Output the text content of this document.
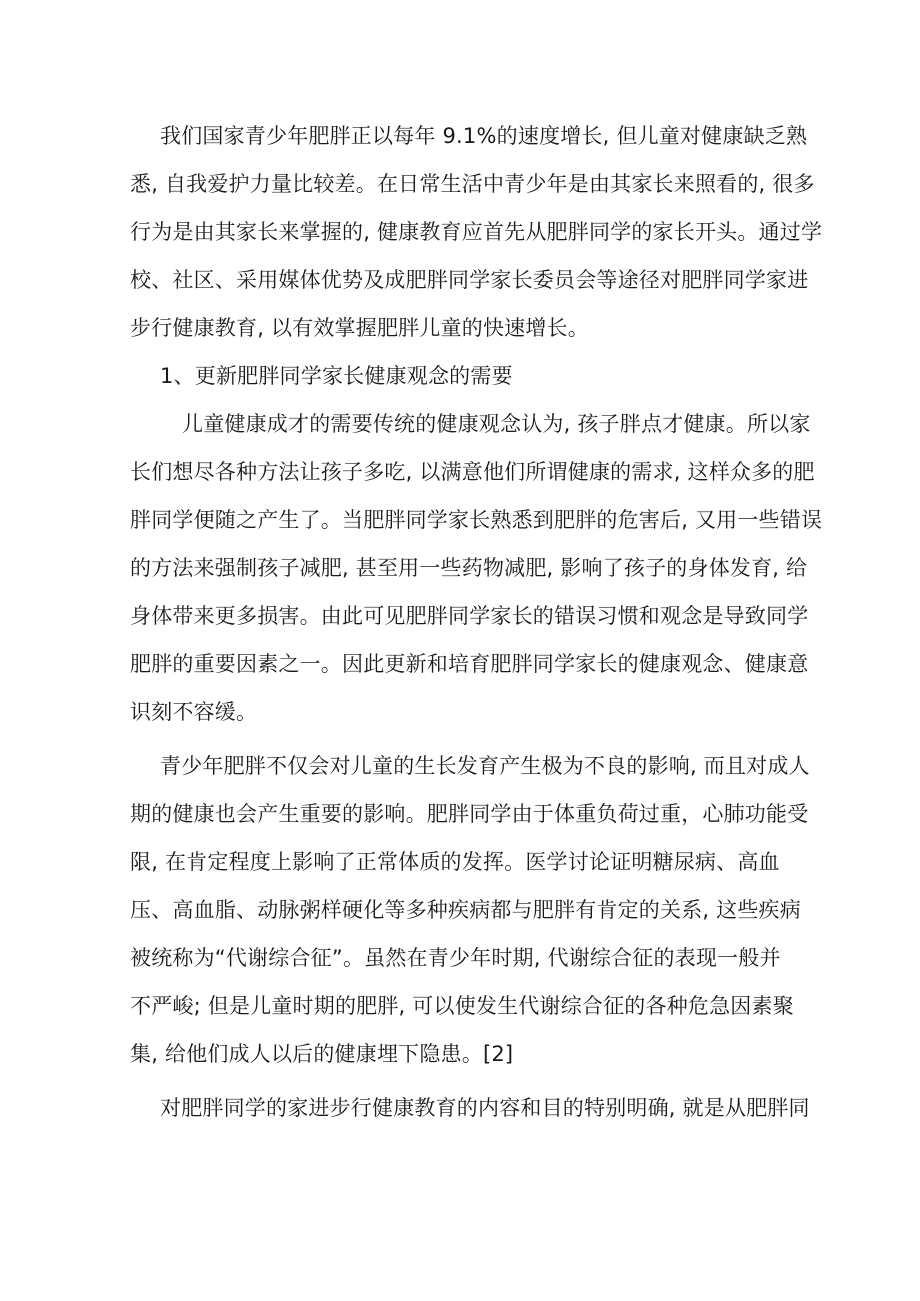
我们国家青少年肥胖正以每年 9.1%的速度增长, 但儿童对健康缺乏熟
悉, 自我爱护力量比较差。在日常生活中青少年是由其家长来照看的, 很多
行为是由其家长来掌握的, 健康教育应首先从肥胖同学的家长开头。通过学
校、社区、采用媒体优势及成肥胖同学家长委员会等途径对肥胖同学家进
步行健康教育, 以有效掌握肥胖儿童的快速增长。
1、更新肥胖同学家长健康观念的需要
儿童健康成才的需要传统的健康观念认为, 孩子胖点才健康。所以家
长们想尽各种方法让孩子多吃, 以满意他们所谓健康的需求, 这样众多的肥
胖同学便随之产生了。当肥胖同学家长熟悉到肥胖的危害后, 又用一些错误
的方法来强制孩子减肥, 甚至用一些药物减肥, 影响了孩子的身体发育, 给
身体带来更多损害。由此可见肥胖同学家长的错误习惯和观念是导致同学
肥胖的重要因素之一。因此更新和培育肥胖同学家长的健康观念、健康意
识刻不容缓。
青少年肥胖不仅会对儿童的生长发育产生极为不良的影响, 而且对成人
期的健康也会产生重要的影响。肥胖同学由于体重负荷过重，心肺功能受
限, 在肯定程度上影响了正常体质的发挥。医学讨论证明糖尿病、高血
压、高血脂、动脉粥样硬化等多种疾病都与肥胖有肯定的关系, 这些疾病
被统称为“代谢综合征”。虽然在青少年时期, 代谢综合征的表现一般并
不严峻; 但是儿童时期的肥胖, 可以使发生代谢综合征的各种危急因素聚
集, 给他们成人以后的健康埋下隐患。[2]
对肥胖同学的家进步行健康教育的内容和目的特别明确, 就是从肥胖同
